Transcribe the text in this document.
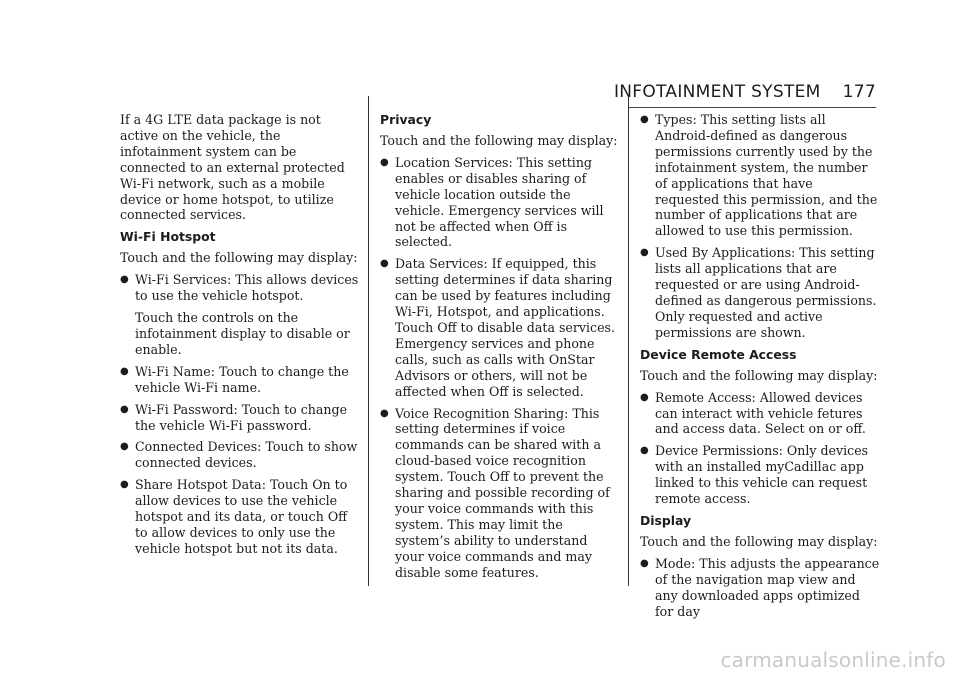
INFOTAINMENT SYSTEM 177

If a 4G LTE data package is not active on the vehicle, the infotainment system can be connected to an external protected Wi-Fi network, such as a mobile device or home hotspot, to utilize connected services.

Wi-Fi Hotspot

Touch and the following may display:

● Wi-Fi Services: This allows devices to use the vehicle hotspot.

Touch the controls on the infotainment display to disable or enable.

● Wi-Fi Name: Touch to change the vehicle Wi-Fi name.
● Wi-Fi Password: Touch to change the vehicle Wi-Fi password.
● Connected Devices: Touch to show connected devices.
● Share Hotspot Data: Touch On to allow devices to use the vehicle hotspot and its data, or touch Off to allow devices to only use the vehicle hotspot but not its data.
Privacy

Touch and the following may display:

● Location Services: This setting enables or disables sharing of vehicle location outside the vehicle. Emergency services will not be affected when Off is selected.
● Data Services: If equipped, this setting determines if data sharing can be used by features including Wi-Fi, Hotspot, and applications. Touch Off to disable data services. Emergency services and phone calls, such as calls with OnStar Advisors or others, will not be affected when Off is selected.
● Voice Recognition Sharing: This setting determines if voice commands can be shared with a cloud-based voice recognition system. Touch Off to prevent the sharing and possible recording of your voice commands with this system. This may limit the system’s ability to understand your voice commands and may disable some features.
● Types: This setting lists all Android-defined as dangerous permissions currently used by the infotainment system, the number of applications that have requested this permission, and the number of applications that are allowed to use this permission.
● Used By Applications: This setting lists all applications that are requested or are using Android-defined as dangerous permissions. Only requested and active permissions are shown.
Device Remote Access

Touch and the following may display:

● Remote Access: Allowed devices can interact with vehicle fetures and access data. Select on or off.
● Device Permissions: Only devices with an installed myCadillac app linked to this vehicle can request remote access.
Display

Touch and the following may display:

● Mode: This adjusts the appearance of the navigation map view and any downloaded apps optimized for day
carmanualsonline.info
